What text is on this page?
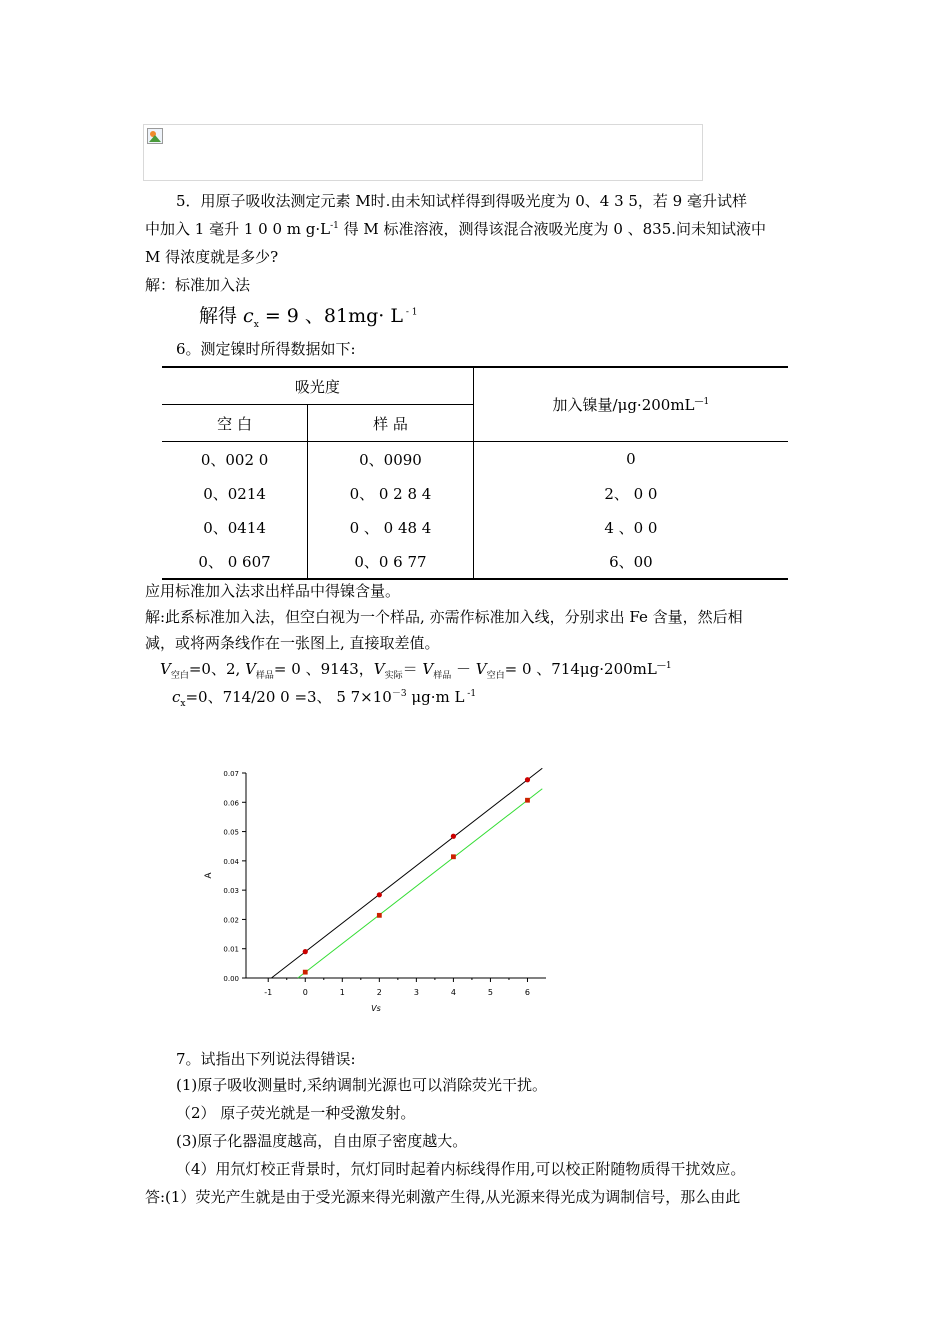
5．用原子吸收法测定元素 M时.由未知试样得到得吸光度为 0、4 3 5，若 9 毫升试样
中加入 1 毫升 1 0 0 m $g\cdot L^{-1}$ 得 M 标准溶液，测得该混合液吸光度为 0 、835.问未知试液中
M 得浓度就是多少?
解：标准加入法
解得 $c_x = 9$ 、81mg· L $^{- 1}$
6。测定镍时所得数据如下:
吸光度		加入镍量$/\mu g\cdot 200mL^{—1}$
空 白	样 品	
0、002 0	0、0090	0
0、0214	0、 0 2 8 4	2、 0 0
0、0414	0 、 0 48 4	4 、0 0
0、 0 607	0、0 6 77	6、00
应用标准加入法求出样品中得镍含量。
解:此系标准加入法，但空白视为一个样品, 亦需作标准加入线，分别求出 Fe 含量，然后相
减，或将两条线作在一张图上, 直接取差值。
$V_{空白}=0$、2, $V_{样品}= 0$ 、9143，$V_{实际}= V_{样品} - V_{空白}= 0$ 、$714\mu g\cdot 200mL^{—1}$
$c_x=0$、714/20 0 =3、 5 $7\times 10^{-3}$ μg·m L $^{-1}$
-1	0	1	2	3	4	5	6
0.00
0.01
0.02
0.03
0.04
0.05
0.06
0.07
Vs
A
7。试指出下列说法得错误:
(1)原子吸收测量时,采纳调制光源也可以消除荧光干扰。
（2） 原子荧光就是一种受激发射。
(3)原子化器温度越高，自由原子密度越大。
（4）用氘灯校正背景时，氘灯同时起着内标线得作用,可以校正附随物质得干扰效应。
答:(1）荧光产生就是由于受光源来得光刺激产生得,从光源来得光成为调制信号，那么由此
